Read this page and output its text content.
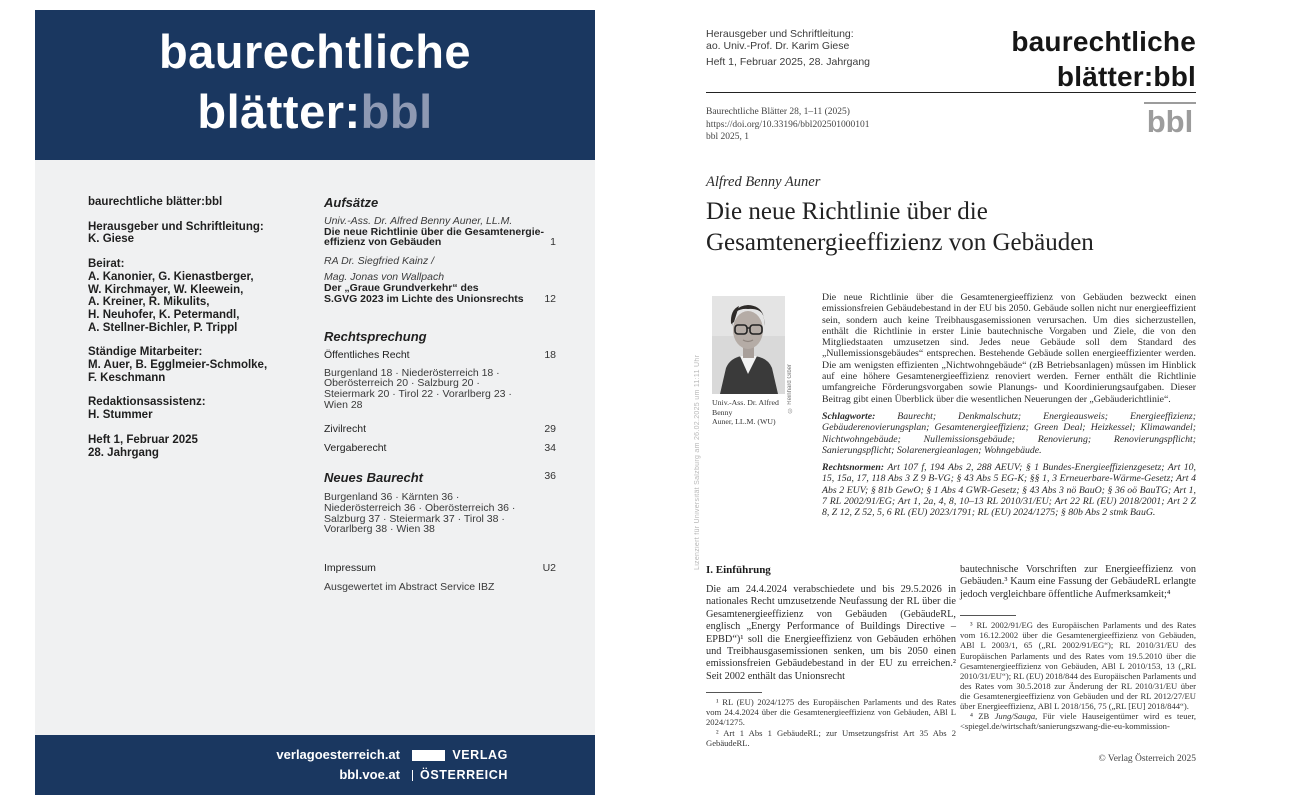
baurechtliche
blätter:bbl
baurechtliche blätter:bbl
Herausgeber und Schriftleitung:
K. Giese
Beirat:
A. Kanonier, G. Kienastberger,
W. Kirchmayer, W. Kleewein,
A. Kreiner, R. Mikulits,
H. Neuhofer, K. Petermandl,
A. Stellner-Bichler, P. Trippl
Ständige Mitarbeiter:
M. Auer, B. Egglmeier-Schmolke,
F. Keschmann
Redaktionsassistenz:
H. Stummer
Heft 1, Februar 2025
28. Jahrgang
Aufsätze
Univ.-Ass. Dr. Alfred Benny Auner, LL.M.
Die neue Richtlinie über die Gesamtenergie-
effizienz von Gebäuden	1
RA Dr. Siegfried Kainz /
Mag. Jonas von Wallpach
Der „Graue Grundverkehr“ des
S.GVG 2023 im Lichte des Unionsrechts 12
Rechtsprechung
Öffentliches Recht	18
Burgenland 18 · Niederösterreich 18 ·
Oberösterreich 20 · Salzburg 20 ·
Steiermark 20 · Tirol 22 · Vorarlberg 23 ·
Wien 28
Zivilrecht	29
Vergaberecht	34
Neues Baurecht	36
Burgenland 36 · Kärnten 36 ·
Niederösterreich 36 · Oberösterreich 36 ·
Salzburg 37 · Steiermark 37 · Tirol 38 ·
Vorarlberg 38 · Wien 38
Impressum	U2
Ausgewertet im Abstract Service IBZ
verlagoesterreich.at
bbl.voe.at
VERLAG
ÖSTERREICH
Herausgeber und Schriftleitung:
ao. Univ.-Prof. Dr. Karim Giese
Heft 1, Februar 2025, 28. Jahrgang
baurechtliche
blätter:bbl
Baurechtliche Blätter 28, 1–11 (2025)
https://doi.org/10.33196/bbl202501000101
bbl 2025, 1	bbl
Alfred Benny Auner
Die neue Richtlinie über die Gesamtenergieeffizienz von Gebäuden
© Reinhard Giber
Univ.-Ass. Dr. Alfred Benny
Auner, LL.M. (WU)

Die neue Richtlinie über die Gesamtenergieeffizienz von Gebäuden bezweckt einen emissionsfreien Gebäudebestand in der EU bis 2050. Gebäude sollen nicht nur energieeffizient sein, sondern auch keine Treibhausgasemissionen verursachen. Um dies sicherzustellen, enthält die Richtlinie in erster Linie bautechnische Vorgaben und Ziele, die von den Mitgliedstaaten umzusetzen sind. Jedes neue Gebäude soll dem Standard des „Nullemissionsgebäudes“ entsprechen. Bestehende Gebäude sollen energieeffizienter werden. Die am wenigsten effizienten „Nichtwohngebäude“ (zB Betriebsanlagen) müssen im Hinblick auf eine höhere Gesamtenergieeffizienz renoviert werden. Ferner enthält die Richtlinie umfangreiche Förderungsvorgaben sowie Planungs- und Koordinierungsaufgaben. Dieser Beitrag gibt einen Überblick über die wesentlichen Neuerungen der „Gebäuderichtlinie“.

Schlagworte: Baurecht; Denkmalschutz; Energieausweis; Energieeffizienz; Gebäuderenovierungsplan; Gesamtenergieeffizienz; Green Deal; Heizkessel; Klimawandel; Nichtwohngebäude; Nullemissionsgebäude; Renovierung; Renovierungspflicht; Sanierungspflicht; Solarenergieanlagen; Wohngebäude.

Rechtsnormen: Art 107 f, 194 Abs 2, 288 AEUV; § 1 Bundes-Energieeffizienzgesetz; Art 10, 15, 15a, 17, 118 Abs 3 Z 9 B-VG; § 43 Abs 5 EG-K; §§ 1, 3 Erneuerbare-Wärme-Gesetz; Art 4 Abs 2 EUV; § 81b GewO; § 1 Abs 4 GWR-Gesetz; § 43 Abs 3 nö BauO; § 36 oö BauTG; Art 1, 7 RL 2002/91/EG; Art 1, 2a, 4, 8, 10–13 RL 2010/31/EU; Art 22 RL (EU) 2018/2001; Art 2 Z 8, Z 12, Z 52, 5, 6 RL (EU) 2023/1791; RL (EU) 2024/1275; § 80b Abs 2 stmk BauG.

I. Einführung

Die am 24.4.2024 verabschiedete und bis 29.5.2026 in nationales Recht umzusetzende Neufassung der RL über die Gesamtenergieeffizienz von Gebäuden (GebäudeRL, englisch „Energy Performance of Buildings Directive – EPBD“)¹ soll die Energieeffizienz von Gebäuden erhöhen und Treibhausgasemissionen senken, um bis 2050 einen emissionsfreien Gebäudebestand in der EU zu erreichen.² Seit 2002 enthält das Unionsrecht

¹ RL (EU) 2024/1275 des Europäischen Parlaments und des Rates vom 24.4.2024 über die Gesamtenergieeffizienz von Gebäuden, ABl L 2024/1275.

² Art 1 Abs 1 GebäudeRL; zur Umsetzungsfrist Art 35 Abs 2 GebäudeRL.

bautechnische Vorschriften zur Energieeffizienz von Gebäuden.³ Kaum eine Fassung der GebäudeRL erlangte jedoch vergleichbare öffentliche Aufmerksamkeit;⁴

³ RL 2002/91/EG des Europäischen Parlaments und des Rates vom 16.12.2002 über die Gesamtenergieeffizienz von Gebäuden, ABl L 2003/1, 65 („RL 2002/91/EG“); RL 2010/31/EU des Europäischen Parlaments und des Rates vom 19.5.2010 über die Gesamtenergieeffizienz von Gebäuden, ABl L 2010/153, 13 („RL 2010/31/EU“); RL (EU) 2018/844 des Europäischen Parlaments und des Rates vom 30.5.2018 zur Änderung der RL 2010/31/EU über die Gesamtenergieeffizienz von Gebäuden und der RL 2012/27/EU über Energieeffizienz, ABl L 2018/156, 75 („RL [EU] 2018/844“).

⁴ ZB Jung/Sauga, Für viele Hauseigentümer wird es teuer, <spiegel.de/wirtschaft/sanierungszwang-die-eu-kommission-

© Verlag Österreich 2025
Lizenziert für Universität Salzburg am 26.02.2025 um 11:11 Uhr
